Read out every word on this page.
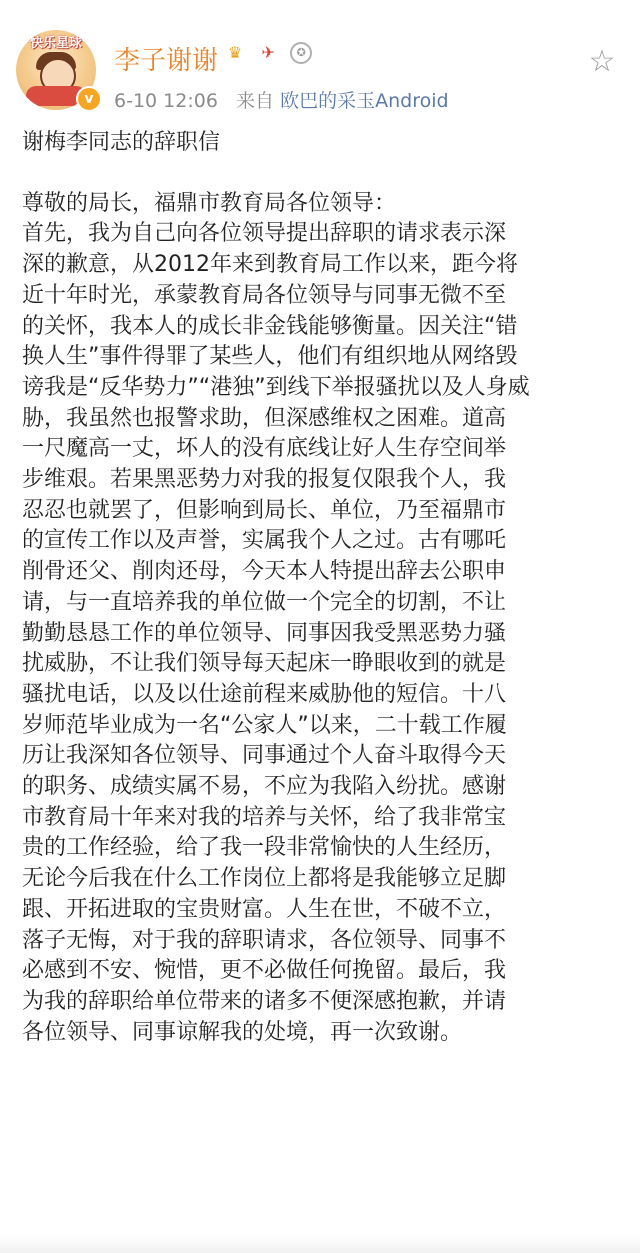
快乐星球
v
李子谢谢 ♛ ✈ ✪
6-10 12:06 来自 欧巴的采玉Android
☆

谢梅李同志的辞职信

尊敬的局长，福鼎市教育局各位领导：

首先，我为自己向各位领导提出辞职的请求表示深

深的歉意，从2012年来到教育局工作以来，距今将

近十年时光，承蒙教育局各位领导与同事无微不至

的关怀，我本人的成长非金钱能够衡量。因关注“错

换人生”事件得罪了某些人，他们有组织地从网络毁

谤我是“反华势力”“港独”到线下举报骚扰以及人身威

胁，我虽然也报警求助，但深感维权之困难。道高

一尺魔高一丈，坏人的没有底线让好人生存空间举

步维艰。若果黑恶势力对我的报复仅限我个人，我

忍忍也就罢了，但影响到局长、单位，乃至福鼎市

的宣传工作以及声誉，实属我个人之过。古有哪吒

削骨还父、削肉还母，今天本人特提出辞去公职申

请，与一直培养我的单位做一个完全的切割，不让

勤勤恳恳工作的单位领导、同事因我受黑恶势力骚

扰威胁，不让我们领导每天起床一睁眼收到的就是

骚扰电话，以及以仕途前程来威胁他的短信。十八

岁师范毕业成为一名“公家人”以来，二十载工作履

历让我深知各位领导、同事通过个人奋斗取得今天

的职务、成绩实属不易，不应为我陷入纷扰。感谢

市教育局十年来对我的培养与关怀，给了我非常宝

贵的工作经验，给了我一段非常愉快的人生经历，

无论今后我在什么工作岗位上都将是我能够立足脚

跟、开拓进取的宝贵财富。人生在世，不破不立，

落子无悔，对于我的辞职请求，各位领导、同事不

必感到不安、惋惜，更不必做任何挽留。最后，我

为我的辞职给单位带来的诸多不便深感抱歉，并请

各位领导、同事谅解我的处境，再一次致谢。
